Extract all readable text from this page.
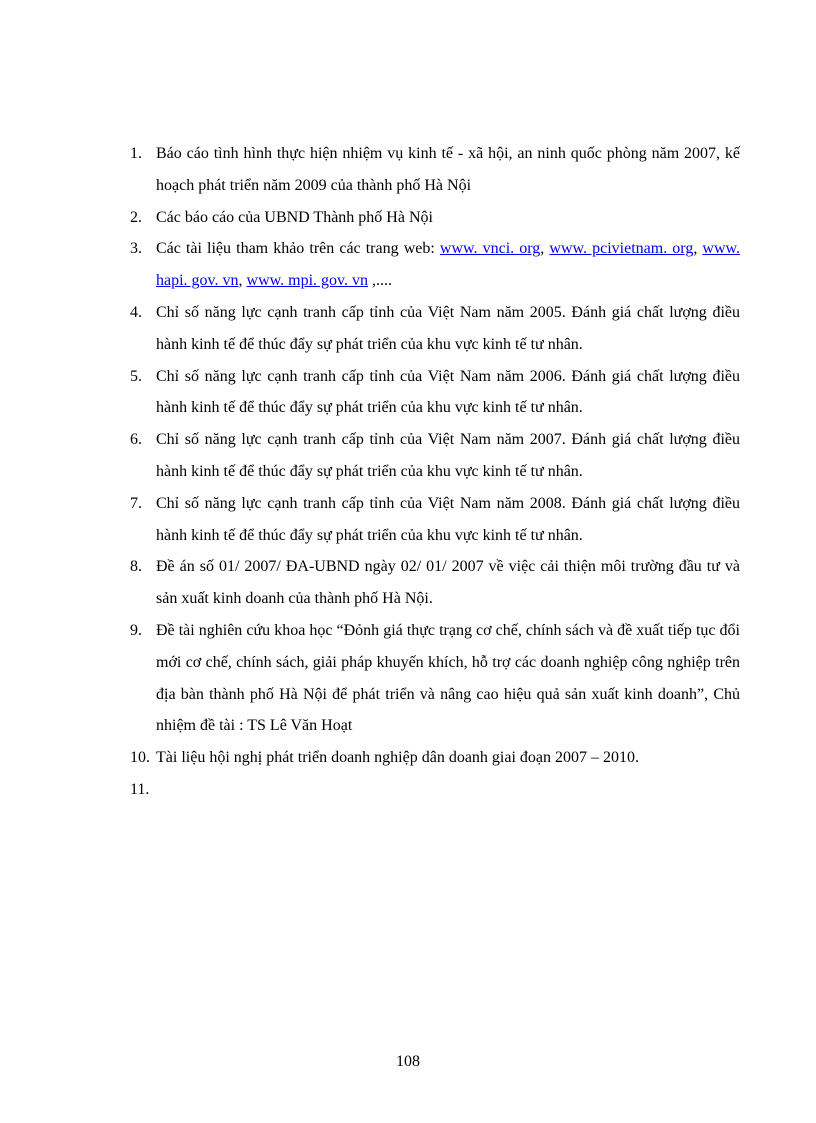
1. Báo cáo tình hình thực hiện nhiệm vụ kinh tế - xã hội, an ninh quốc phòng năm 2007, kế hoạch phát triển năm 2009 của thành phố Hà Nội
2. Các báo cáo của UBND Thành phố Hà Nội
3. Các tài liệu tham khảo trên các trang web: www. vnci. org, www. pcivietnam. org, www. hapi. gov. vn, www. mpi. gov. vn ,....
4. Chỉ số năng lực cạnh tranh cấp tỉnh của Việt Nam năm 2005. Đánh giá chất lượng điều hành kinh tế để thúc đẩy sự phát triển của khu vực kinh tế tư nhân.
5. Chỉ số năng lực cạnh tranh cấp tỉnh của Việt Nam năm 2006. Đánh giá chất lượng điều hành kinh tế để thúc đẩy sự phát triển của khu vực kinh tế tư nhân.
6. Chỉ số năng lực cạnh tranh cấp tỉnh của Việt Nam năm 2007. Đánh giá chất lượng điều hành kinh tế để thúc đẩy sự phát triển của khu vực kinh tế tư nhân.
7. Chỉ số năng lực cạnh tranh cấp tỉnh của Việt Nam năm 2008. Đánh giá chất lượng điều hành kinh tế để thúc đẩy sự phát triển của khu vực kinh tế tư nhân.
8. Đề án số 01/ 2007/ ĐA-UBND ngày 02/ 01/ 2007 về việc cải thiện môi trường đầu tư và sản xuất kinh doanh của thành phố Hà Nội.
9. Đề tài nghiên cứu khoa học “Đỏnh giá thực trạng cơ chế, chính sách và đề xuất tiếp tục đổi mới cơ chế, chính sách, giải pháp khuyến khích, hỗ trợ các doanh nghiệp công nghiệp trên địa bàn thành phố Hà Nội để phát triển và nâng cao hiệu quả sản xuất kinh doanh”, Chủ nhiệm đề tài : TS Lê Văn Hoạt
10. Tài liệu hội nghị phát triển doanh nghiệp dân doanh giai đoạn 2007 – 2010.
11.
108
